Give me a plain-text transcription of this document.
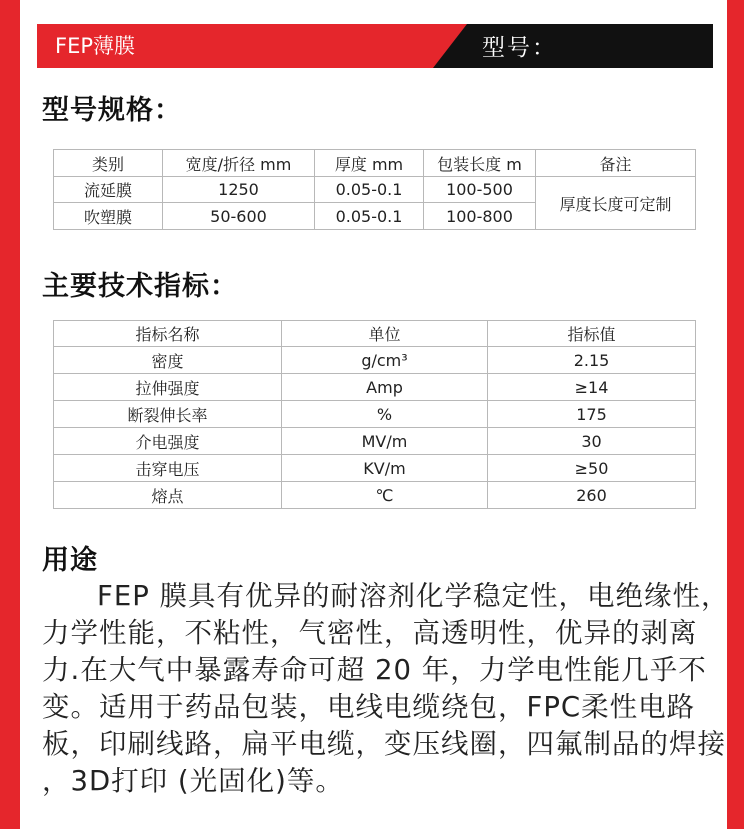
FEP薄膜	型号：
型号规格：
类别	宽度/折径 mm	厚度 mm	包装长度 m	备注
流延膜	1250	0.05-0.1	100-500	厚度长度可定制
吹塑膜	50-600	0.05-0.1	100-800	
主要技术指标：
指标名称	单位	指标值
密度	g/cm³	2.15
拉伸强度	Amp	≥14
断裂伸长率	%	175
介电强度	MV/m	30
击穿电压	KV/m	≥50
熔点	℃	260
用途
FEP 膜具有优异的耐溶剂化学稳定性，电绝缘性，力学性能，不粘性，气密性，高透明性，优异的剥离力.在大气中暴露寿命可超 20 年，力学电性能几乎不变。适用于药品包装，电线电缆绕包，FPC柔性电路板，印刷线路，扁平电缆，变压线圈，四氟制品的焊接 ，3D打印 (光固化)等。
